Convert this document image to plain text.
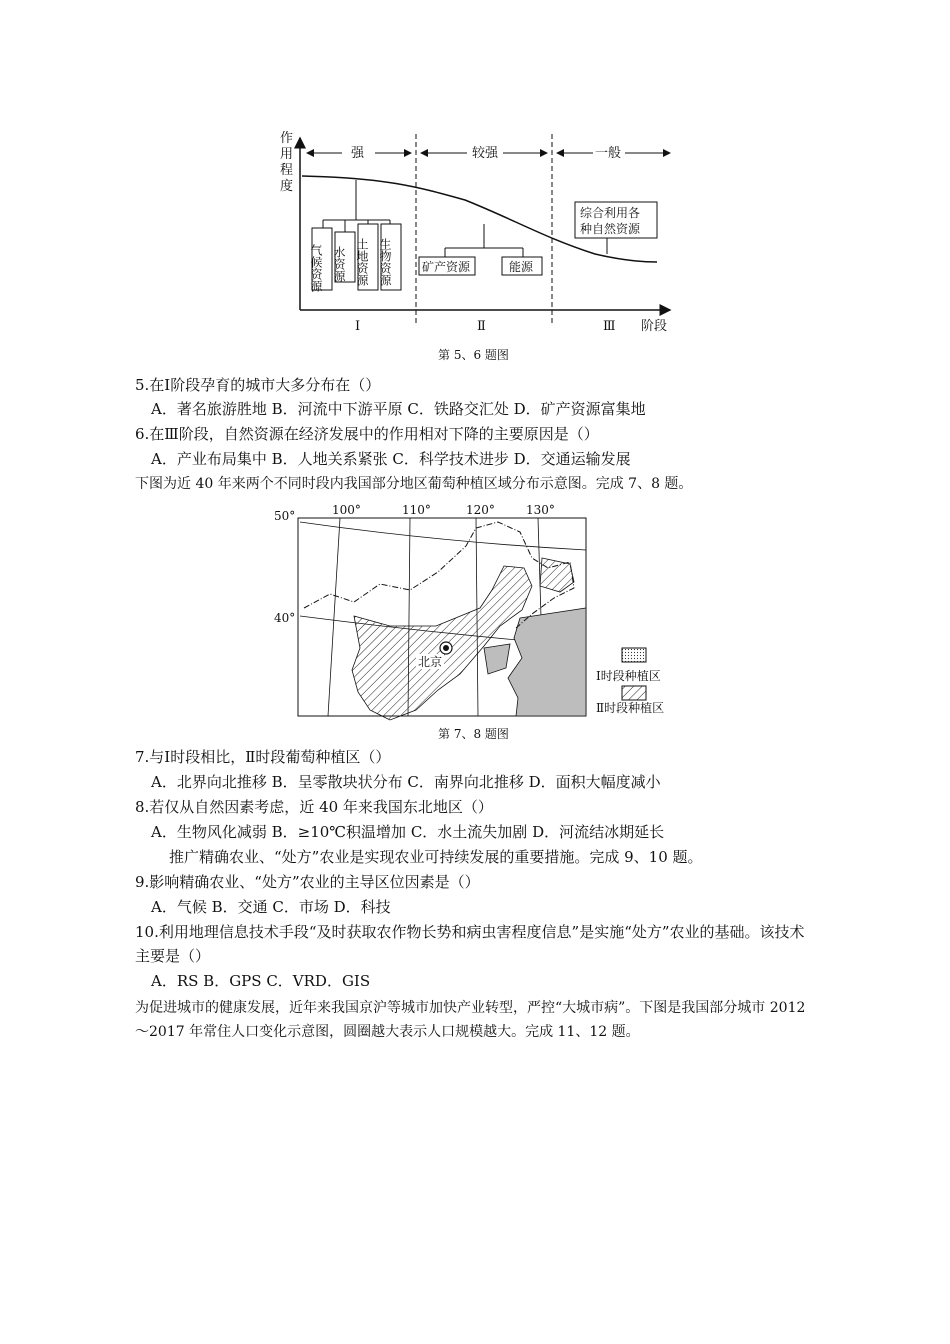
作
用
程
度
强	较强	一般
气候资源 水资源 土地资源 生物资源	矿产资源	能源
综合利用各
种自然资源
Ⅰ	Ⅱ	Ⅲ 阶段
第 5、6 题图
5.在Ⅰ阶段孕育的城市大多分布在（）
A．著名旅游胜地 B．河流中下游平原 C．铁路交汇处 D．矿产资源富集地
6.在Ⅲ阶段，自然资源在经济发展中的作用相对下降的主要原因是（）
A．产业布局集中 B．人地关系紧张 C．科学技术进步 D．交通运输发展
下图为近 40 年来两个不同时段内我国部分地区葡萄种植区域分布示意图。完成 7、8 题。
100°	110°	120°	130°
50°
40°
北京
Ⅰ时段种植区
Ⅱ时段种植区
第 7、8 题图
7.与Ⅰ时段相比，Ⅱ时段葡萄种植区（）
A．北界向北推移 B．呈零散块状分布 C．南界向北推移 D．面积大幅度减小
8.若仅从自然因素考虑，近 40 年来我国东北地区（）
A．生物风化减弱 B．≥10℃积温增加 C．水土流失加剧 D．河流结冰期延长
推广精确农业、“处方”农业是实现农业可持续发展的重要措施。完成 9、10 题。
9.影响精确农业、“处方”农业的主导区位因素是（）
A．气候 B．交通 C．市场 D．科技
10.利用地理信息技术手段“及时获取农作物长势和病虫害程度信息”是实施“处方”农业的基础。该技术主要是（）
A．RS B．GPS C．VRD．GIS
为促进城市的健康发展，近年来我国京沪等城市加快产业转型，严控“大城市病”。下图是我国部分城市 2012～2017 年常住人口变化示意图，圆圈越大表示人口规模越大。完成 11、12 题。
